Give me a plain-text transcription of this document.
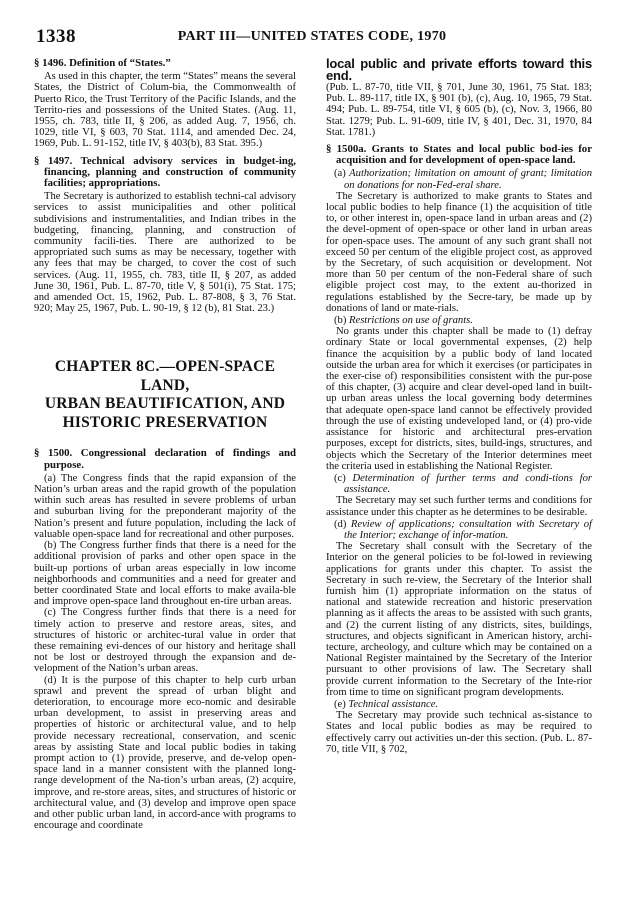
1338	PART III—UNITED STATES CODE, 1970

§ 1496. Definition of “States.”

As used in this chapter, the term “States” means the several States, the District of Colum-bia, the Commonwealth of Puerto Rico, the Trust Territory of the Pacific Islands, and the Territo-ries and possessions of the United States. (Aug. 11, 1955, ch. 783, title II, § 206, as added Aug. 7, 1956, ch. 1029, title VI, § 603, 70 Stat. 1114, and amended Dec. 24, 1969, Pub. L. 91-152, title IV, § 403(b), 83 Stat. 395.)

§ 1497. Technical advisory services in budget-ing, financing, planning and construction of community facilities; appropriations.

The Secretary is authorized to establish techni-cal advisory services to assist municipalities and other political subdivisions and instrumentalities, and Indian tribes in the budgeting, financing, planning, and construction of community facili-ties. There are authorized to be appropriated such sums as may be necessary, together with any fees that may be charged, to cover the cost of such services. (Aug. 11, 1955, ch. 783, title II, § 207, as added June 30, 1961, Pub. L. 87-70, title V, § 501(i), 75 Stat. 175; and amended Oct. 15, 1962, Pub. L. 87-808, § 3, 76 Stat. 920; May 25, 1967, Pub. L. 90-19, § 12 (b), 81 Stat. 23.)

CHAPTER 8C.—OPEN-SPACE LAND,
URBAN BEAUTIFICATION, AND
HISTORIC PRESERVATION

§ 1500. Congressional declaration of findings and purpose.

(a) The Congress finds that the rapid expansion of the Nation’s urban areas and the rapid growth of the population within such areas has resulted in severe problems of urban and suburban living for the preponderant majority of the Nation’s present and future population, including the lack of valuable open-space land for recreational and other purposes.

(b) The Congress further finds that there is a need for the additional provision of parks and other open space in the built-up portions of urban areas especially in low income neighborhoods and communities and a need for greater and better coordinated State and local efforts to make availa-ble and improve open-space land throughout en-tire urban areas.

(c) The Congress further finds that there is a need for timely action to preserve and restore areas, sites, and structures of historic or architec-tural value in order that these remaining evi-dences of our history and heritage shall not be lost or destroyed through the expansion and de-velopment of the Nation’s urban areas.

(d) It is the purpose of this chapter to help curb urban sprawl and prevent the spread of urban blight and deterioration, to encourage more eco-nomic and desirable urban development, to assist in preserving areas and properties of historic or architectural value, and to help provide necessary recreational, conservation, and scenic areas by assisting State and local public bodies in taking prompt action to (1) provide, preserve, and de-velop open-space land in a manner consistent with the planned long-range development of the Na-tion’s urban areas, (2) acquire, improve, and re-store areas, sites, and structures of historic or architectural value, and (3) develop and improve open space and other public urban land, in accord-ance with programs to encourage and coordinate

local public and private efforts toward this end.

(Pub. L. 87-70, title VII, § 701, June 30, 1961, 75 Stat. 183; Pub. L. 89-117, title IX, § 901 (b), (c), Aug. 10, 1965, 79 Stat. 494; Pub. L. 89-754, title VI, § 605 (b), (c), Nov. 3, 1966, 80 Stat. 1279; Pub. L. 91-609, title IV, § 401, Dec. 31, 1970, 84 Stat. 1781.)

§ 1500a. Grants to States and local public bod-ies for acquisition and for development of open-space land.

(a) Authorization; limitation on amount of grant; limitation on donations for non-Fed-eral share.

The Secretary is authorized to make grants to States and local public bodies to help finance (1) the acquisition of title to, or other interest in, open-space land in urban areas and (2) the devel-opment of open-space or other land in urban areas for open-space uses. The amount of any such grant shall not exceed 50 per centum of the eligible project cost, as approved by the Secretary, of such acquisition or development. Not more than 50 per centum of the non-Federal share of such eligible project cost may, to the extent au-thorized in regulations established by the Secre-tary, be made up by donations of land or mate-rials.

(b) Restrictions on use of grants.

No grants under this chapter shall be made to (1) defray ordinary State or local governmental expenses, (2) help finance the acquisition by a public body of land located outside the urban area for which it exercises (or participates in the exer-cise of) responsibilities consistent with the pur-pose of this chapter, (3) acquire and clear devel-oped land in built-up urban areas unless the local governing body determines that adequate open-space land cannot be effectively provided through the use of existing undeveloped land, or (4) pro-vide assistance for historic and architectural pres-ervation purposes, except for districts, sites, build-ings, structures, and objects which the Secretary of the Interior determines meet the criteria used in establishing the National Register.

(c) Determination of further terms and condi-tions for assistance.

The Secretary may set such further terms and conditions for assistance under this chapter as he determines to be desirable.

(d) Review of applications; consultation with Secretary of the Interior; exchange of infor-mation.

The Secretary shall consult with the Secretary of the Interior on the general policies to be fol-lowed in reviewing applications for grants under this chapter. To assist the Secretary in such re-view, the Secretary of the Interior shall furnish him (1) appropriate information on the status of national and statewide recreation and historic preservation planning as it affects the areas to be assisted with such grants, and (2) the current listing of any districts, sites, buildings, structures, and objects significant in American history, archi-tecture, archeology, and culture which may be contained on a National Register maintained by the Secretary of the Interior pursuant to other provisions of law. The Secretary shall provide current information to the Secretary of the Inte-rior from time to time on significant program developments.

(e) Technical assistance.

The Secretary may provide such technical as-sistance to States and local public bodies as may be required to effectively carry out activities un-der this section. (Pub. L. 87-70, title VII, § 702,
